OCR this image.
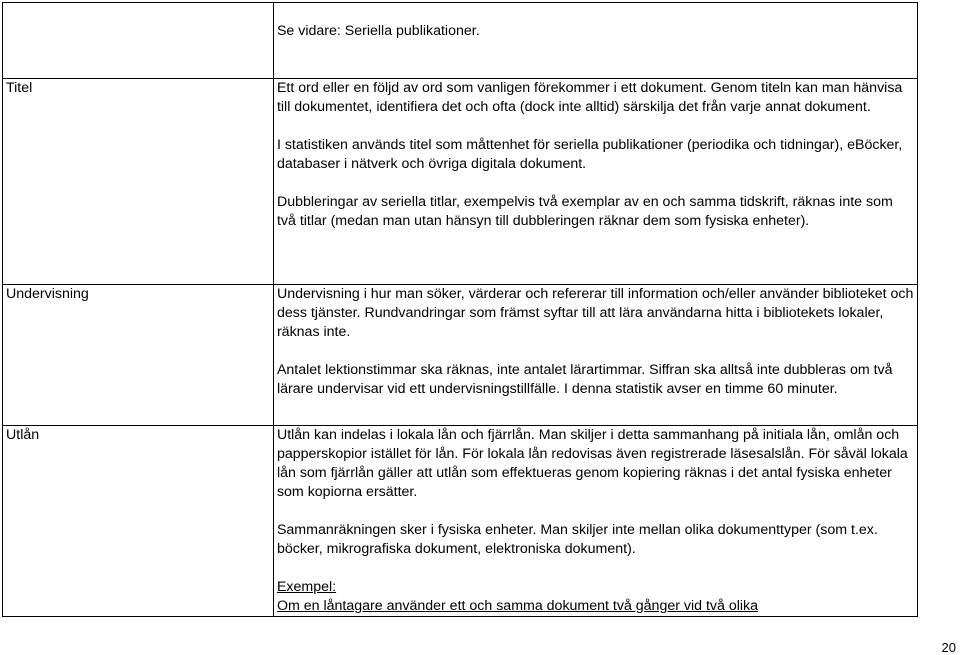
	Se vidare: Seriella publikationer.
Titel	Ett ord eller en följd av ord som vanligen förekommer i ett dokument. Genom titeln kan man hänvisa till dokumentet, identifiera det och ofta (dock inte alltid) särskilja det från varje annat dokument.

I statistiken används titel som måttenhet för seriella publikationer (periodika och tidningar), eBöcker, databaser i nätverk och övriga digitala dokument.

Dubbleringar av seriella titlar, exempelvis två exemplar av en och samma tidskrift, räknas inte som två titlar (medan man utan hänsyn till dubbleringen räknar dem som fysiska enheter).

Undervisning	Undervisning i hur man söker, värderar och refererar till information och/eller använder biblioteket och dess tjänster. Rundvandringar som främst syftar till att lära användarna hitta i bibliotekets lokaler, räknas inte.

Antalet lektionstimmar ska räknas, inte antalet lärartimmar. Siffran ska alltså inte dubbleras om två lärare undervisar vid ett undervisningstillfälle. I denna statistik avser en timme 60 minuter.

Utlån	Utlån kan indelas i lokala lån och fjärrlån. Man skiljer i detta sammanhang på initiala lån, omlån och papperskopior istället för lån. För lokala lån redovisas även registrerade läsesalslån. För såväl lokala lån som fjärrlån gäller att utlån som effektueras genom kopiering räknas i det antal fysiska enheter som kopiorna ersätter.

Sammanräkningen sker i fysiska enheter. Man skiljer inte mellan olika dokumenttyper (som t.ex. böcker, mikrografiska dokument, elektroniska dokument).

Exempel:
Om en låntagare använder ett och samma dokument två gånger vid två olika

20
